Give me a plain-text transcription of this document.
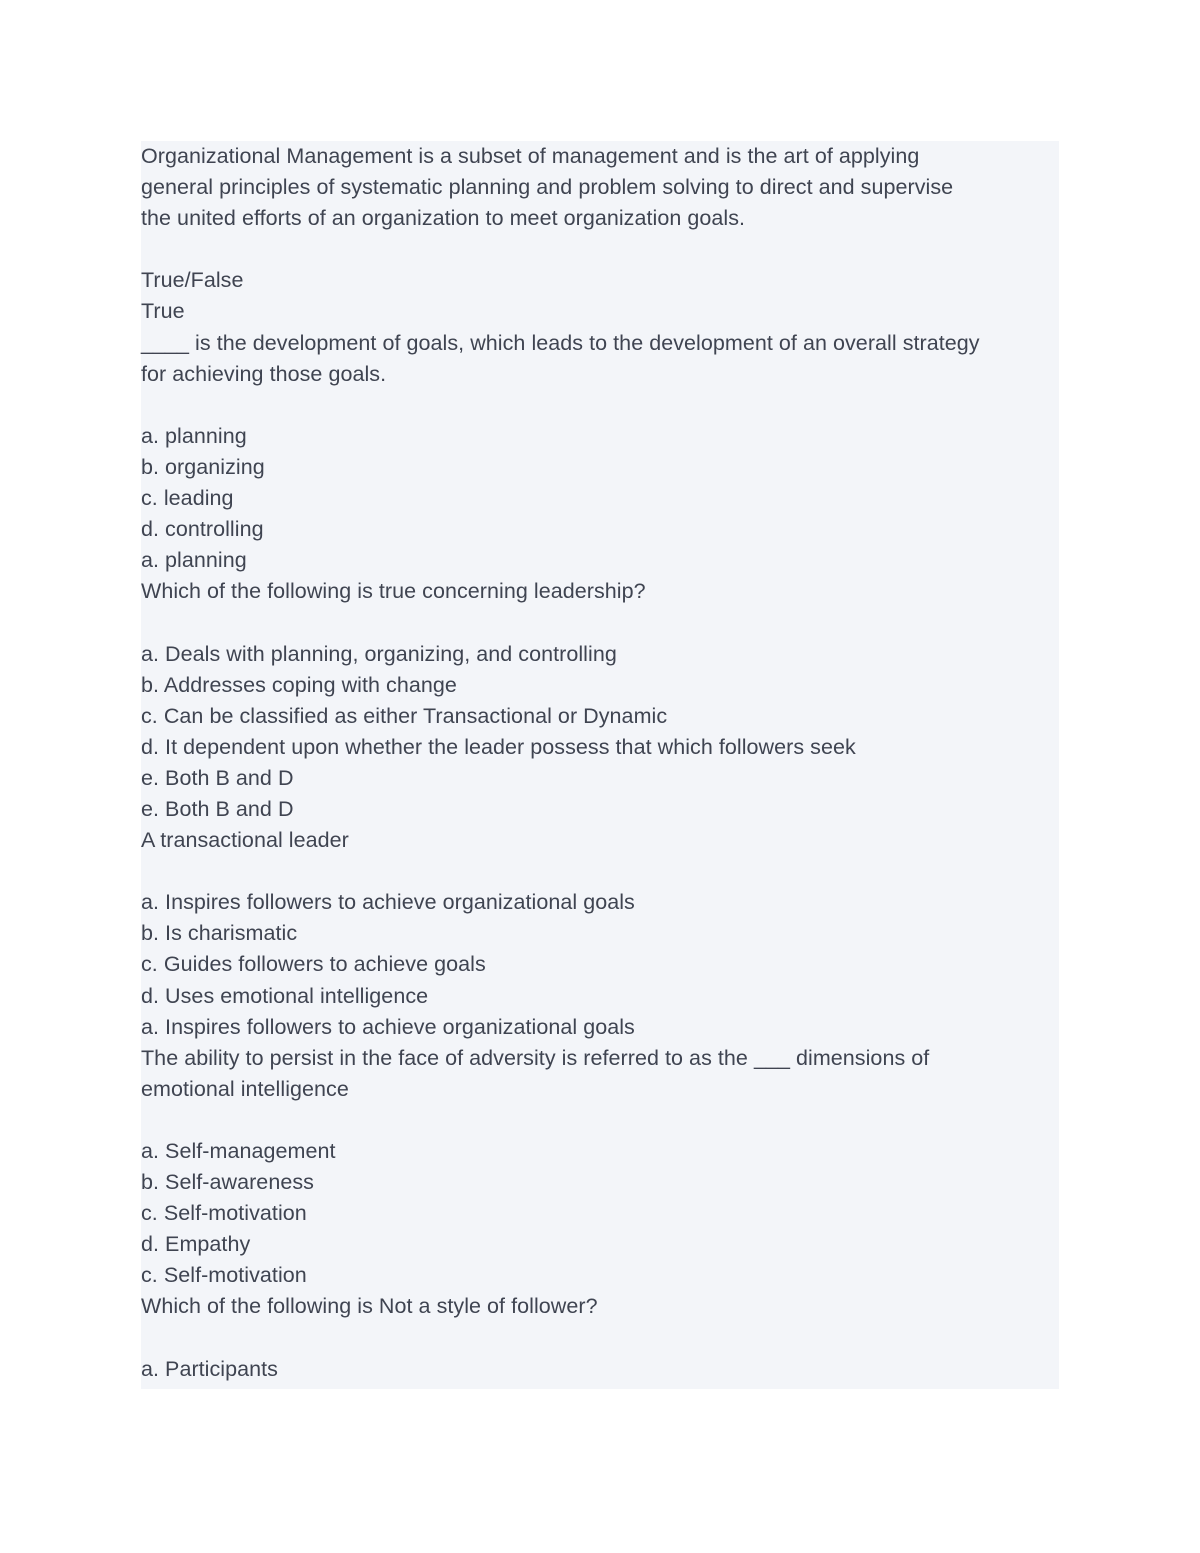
Organizational Management is a subset of management and is the art of applying
general principles of systematic planning and problem solving to direct and supervise
the united efforts of an organization to meet organization goals.
True/False
True
____ is the development of goals, which leads to the development of an overall strategy
for achieving those goals.
a. planning
b. organizing
c. leading
d. controlling
a. planning
Which of the following is true concerning leadership?
a. Deals with planning, organizing, and controlling
b. Addresses coping with change
c. Can be classified as either Transactional or Dynamic
d. It dependent upon whether the leader possess that which followers seek
e. Both B and D
e. Both B and D
A transactional leader
a. Inspires followers to achieve organizational goals
b. Is charismatic
c. Guides followers to achieve goals
d. Uses emotional intelligence
a. Inspires followers to achieve organizational goals
The ability to persist in the face of adversity is referred to as the ___ dimensions of
emotional intelligence
a. Self-management
b. Self-awareness
c. Self-motivation
d. Empathy
c. Self-motivation
Which of the following is Not a style of follower?
a. Participants
